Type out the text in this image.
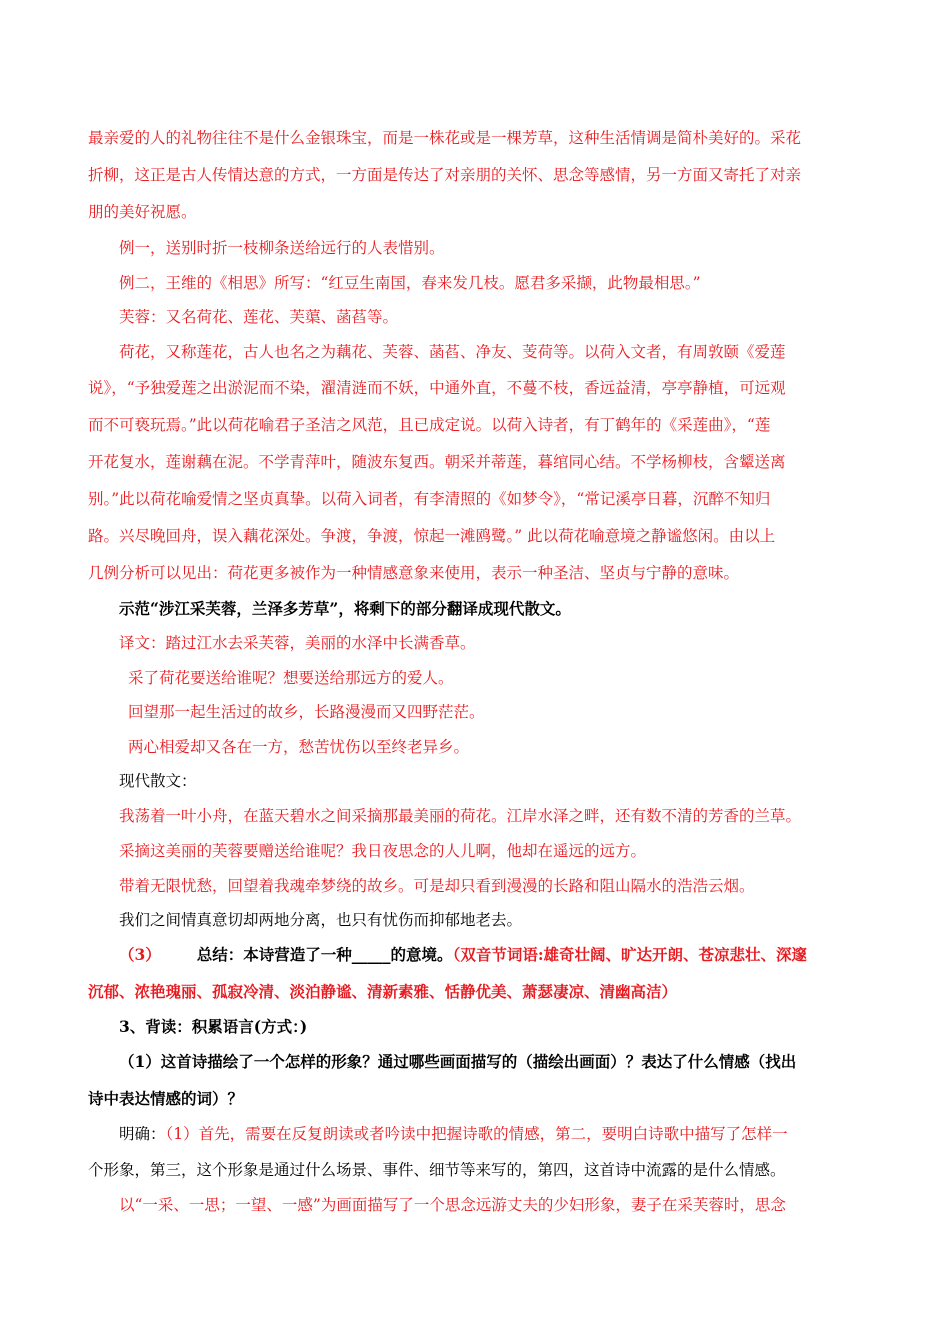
最亲爱的人的礼物往往不是什么金银珠宝，而是一株花或是一棵芳草，这种生活情调是简朴美好的。采花
折柳，这正是古人传情达意的方式，一方面是传达了对亲朋的关怀、思念等感情，另一方面又寄托了对亲
朋的美好祝愿。
例一，送别时折一枝柳条送给远行的人表惜别。
例二，王维的《相思》所写：“红豆生南国，春来发几枝。愿君多采撷，此物最相思。”
芙蓉：又名荷花、莲花、芙蕖、菡萏等。
荷花，又称莲花，古人也名之为藕花、芙蓉、菡萏、净友、芰荷等。以荷入文者，有周敦颐《爱莲
说》，“予独爱莲之出淤泥而不染，濯清涟而不妖，中通外直，不蔓不枝，香远益清，亭亭静植，可远观
而不可亵玩焉。”此以荷花喻君子圣洁之风范，且已成定说。以荷入诗者，有丁鹤年的《采莲曲》，“莲
开花复水，莲谢藕在泥。不学青萍叶，随波东复西。朝采并蒂莲，暮绾同心结。不学杨柳枝，含颦送离
别。”此以荷花喻爱情之坚贞真挚。以荷入词者，有李清照的《如梦令》，“常记溪亭日暮，沉醉不知归
路。兴尽晚回舟，误入藕花深处。争渡，争渡，惊起一滩鸥鹭。” 此以荷花喻意境之静谧悠闲。由以上
几例分析可以见出：荷花更多被作为一种情感意象来使用，表示一种圣洁、坚贞与宁静的意味。
示范“涉江采芙蓉，兰泽多芳草”，将剩下的部分翻译成现代散文。
译文：踏过江水去采芙蓉，美丽的水泽中长满香草。
采了荷花要送给谁呢？想要送给那远方的爱人。
回望那一起生活过的故乡，长路漫漫而又四野茫茫。
两心相爱却又各在一方，愁苦忧伤以至终老异乡。
现代散文：
我荡着一叶小舟，在蓝天碧水之间采摘那最美丽的荷花。江岸水泽之畔，还有数不清的芳香的兰草。
采摘这美丽的芙蓉要赠送给谁呢？我日夜思念的人儿啊，他却在遥远的远方。
带着无限忧愁，回望着我魂牵梦绕的故乡。可是却只看到漫漫的长路和阻山隔水的浩浩云烟。
我们之间情真意切却两地分离，也只有忧伤而抑郁地老去。
（3） 总结：本诗营造了一种_____的意境。（双音节词语:雄奇壮阔、旷达开朗、苍凉悲壮、深邃
沉郁、浓艳瑰丽、孤寂冷清、淡泊静谧、清新素雅、恬静优美、萧瑟凄凉、清幽高洁）
3、背读：积累语言(方式：)
（1）这首诗描绘了一个怎样的形象？通过哪些画面描写的（描绘出画面）？表达了什么情感（找出
诗中表达情感的词）？
明确：（1）首先，需要在反复朗读或者吟读中把握诗歌的情感，第二，要明白诗歌中描写了怎样一
个形象，第三，这个形象是通过什么场景、事件、细节等来写的，第四，这首诗中流露的是什么情感。
以“一采、一思；一望、一感”为画面描写了一个思念远游丈夫的少妇形象，妻子在采芙蓉时，思念
